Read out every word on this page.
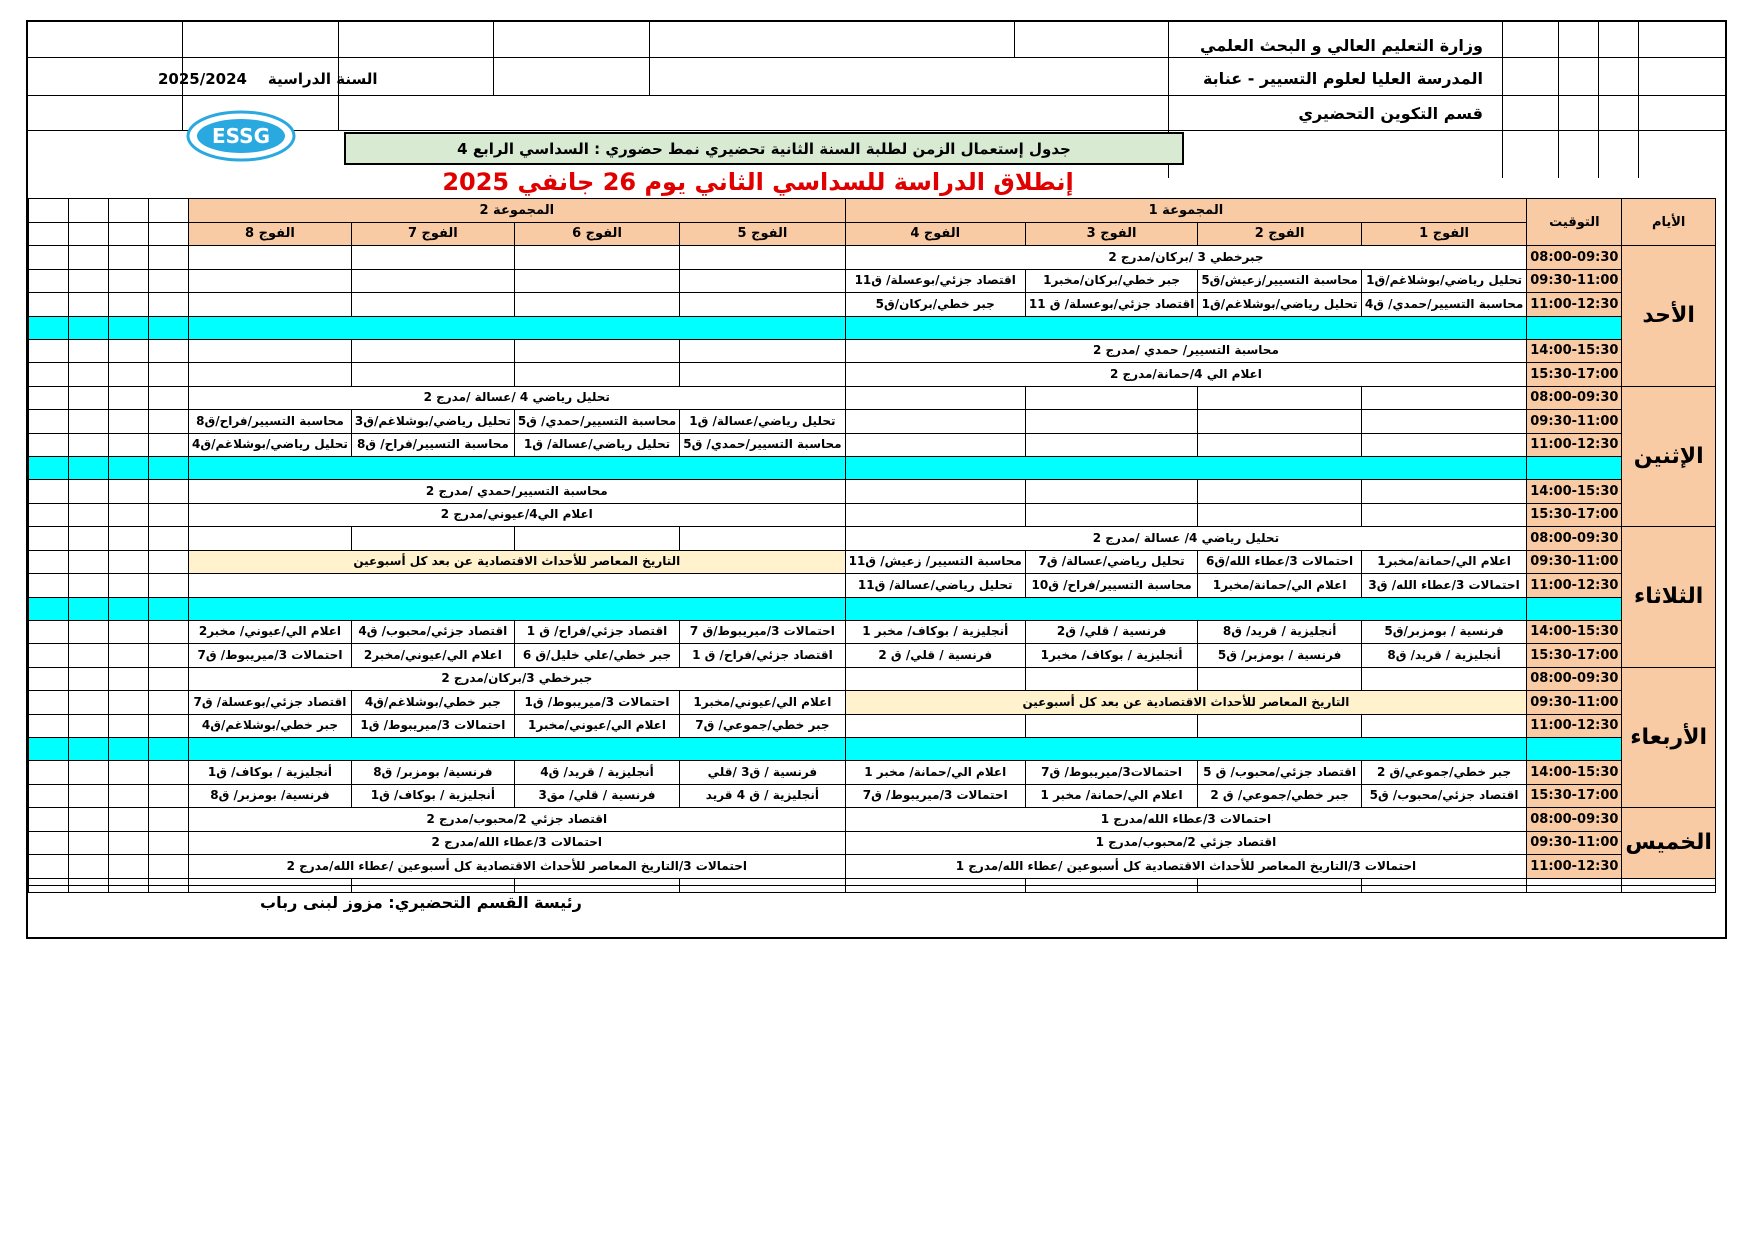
وزارة التعليم العالي و البحث العلمي
المدرسة العليا لعلوم التسيير - عنابة
قسم التكوين التحضيري
2025/2024 السنة الدراسية
ESSG
جدول إستعمال الزمن لطلبة السنة الثانية تحضيري نمط حضوري : السداسي الرابع 4
إنطلاق الدراسة للسداسي الثاني يوم 26 جانفي 2025
الأيام	التوقيت	المجموعة 1				المجموعة 2							
		الفوج 1	الفوج 2	الفوج 3	الفوج 4	الفوج 5	الفوج 6	الفوج 7	الفوج 8				
الأحد	08:00-09:30	جبرخطي 3 /بركان/مدرج 2											
	09:30-11:00	تحليل رياضي/بوشلاغم/ق1	محاسبة التسيير/زعيش/ق5	جبر خطي/بركان/مخبر1	اقتصاد جزئي/بوعسلة/ ق11								
	11:00-12:30	محاسبة التسيير/حمدي/ ق4	تحليل رياضي/بوشلاغم/ق1	اقتصاد جزئي/بوعسلة/ ق 11	جبر خطي/بركان/ق5								

	14:00-15:30	محاسبة التسيير/ حمدي /مدرج 2											
	15:30-17:00	اعلام الي 4/حمانة/مدرج 2											
الإثنين	08:00-09:30					تحليل رياضي 4 /عسالة /مدرج 2							
	09:30-11:00					تحليل رياضي/عسالة/ ق1	محاسبة التسيير/حمدي/ ق5	تحليل رياضي/بوشلاغم/ق3	محاسبة التسيير/فراح/ق8				
	11:00-12:30					محاسبة التسيير/حمدي/ ق5	تحليل رياضي/عسالة/ ق1	محاسبة التسيير/فراح/ ق8	تحليل رياضي/بوشلاغم/ق4				

	14:00-15:30					محاسبة التسيير/حمدي /مدرج 2							
	15:30-17:00					اعلام الي4/عيوني/مدرج 2							
الثلاثاء	08:00-09:30	تحليل رياضي 4/ عسالة /مدرج 2											
	09:30-11:00	اعلام الي/حمانة/مخبر1	احتمالات 3/عطاء الله/ق6	تحليل رياضي/عسالة/ ق7	محاسبة التسيير/ زعيش/ ق11	التاريخ المعاصر للأحداث الاقتصادية عن بعد كل أسبوعين							
	11:00-12:30	احتمالات 3/عطاء الله/ ق3	اعلام الي/حمانة/مخبر1	محاسبة التسيير/فراح/ ق10	تحليل رياضي/عسالة/ ق11								

	14:00-15:30	فرنسية / بومزبر/ق5	أنجليزية / قريد/ ق8	فرنسية / قلي/ ق2	أنجليزية / بوكاف/ مخبر 1	احتمالات 3/ميريبوط/ق 7	اقتصاد جزئي/فراح/ ق 1	اقتصاد جزئي/محبوب/ ق4	اعلام الي/عيوني/ مخبر2				
	15:30-17:00	أنجليزية / قريد/ ق8	فرنسية / بومزبر/ ق5	أنجليزية / بوكاف/ مخبر1	فرنسية / قلي/ ق 2	اقتصاد جزئي/فراح/ ق 1	جبر خطي/علي خليل/ق 6	اعلام الي/عيوني/مخبر2	احتمالات 3/ميريبوط/ ق7				
الأربعاء	08:00-09:30					جبرخطي 3/بركان/مدرج 2							
	09:30-11:00	التاريخ المعاصر للأحداث الاقتصادية عن بعد كل أسبوعين				اعلام الي/عيوني/مخبر1	احتمالات 3/ميريبوط/ ق1	جبر خطي/بوشلاغم/ق4	اقتصاد جزئي/بوعسلة/ ق7				
	11:00-12:30					جبر خطي/جموعي/ ق7	اعلام الي/عيوني/مخبر1	احتمالات 3/ميريبوط/ ق1	جبر خطي/بوشلاغم/ق4				

	14:00-15:30	جبر خطي/جموعي/ق 2	اقتصاد جزئي/محبوب/ ق 5	احتمالات3/ميريبوط/ ق7	اعلام الي/حمانة/ مخبر 1	فرنسية / ق3 /قلي	أنجليزية / قريد/ ق4	فرنسية/ بومزبر/ ق8	أنجليزية / بوكاف/ ق1				
	15:30-17:00	اقتصاد جزئي/محبوب/ ق5	جبر خطي/جموعي/ ق 2	اعلام الي/حمانة/ مخبر 1	احتمالات 3/ميريبوط/ ق7	أنجليزية / ق 4 قريد	فرنسية / قلي/ مق3	أنجليزية / بوكاف/ ق1	فرنسية/ بومزبر/ ق8				
الخميس	08:00-09:30	احتمالات 3/عطاء الله/مدرج 1				اقتصاد جزئي 2/محبوب/مدرج 2							
	09:30-11:00	اقتصاد جزئي 2/محبوب/مدرج 1				احتمالات 3/عطاء الله/مدرج 2							
	11:00-12:30	احتمالات 3/التاريخ المعاصر للأحداث الاقتصادية كل أسبوعين /عطاء الله/مدرج 1				احتمالات 3/التاريخ المعاصر للأحداث الاقتصادية كل أسبوعين /عطاء الله/مدرج 2							

رئيسة القسم التحضيري: مزوز لبنى رباب
